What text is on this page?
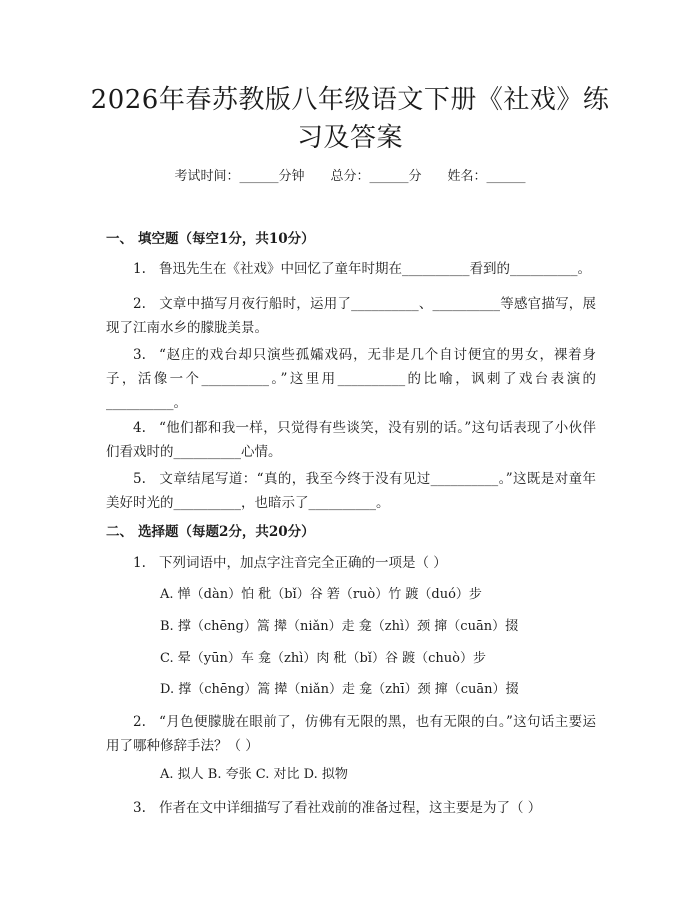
2026年春苏教版八年级语文下册《社戏》练
习及答案
考试时间：______分钟 总分：______分 姓名：______
一、 填空题（每空1分，共10分）
1. 鲁迅先生在《社戏》中回忆了童年时期在__________看到的__________。
2. 文章中描写月夜行船时，运用了__________、__________等感官描写，展现了江南水乡的朦胧美景。
3. “赵庄的戏台却只演些孤孀戏码，无非是几个自讨便宜的男女，裸着身子，活像一个__________。”这里用__________的比喻，讽刺了戏台表演的__________。
4. “他们都和我一样，只觉得有些谈笑，没有别的话。”这句话表现了小伙伴们看戏时的__________心情。
5. 文章结尾写道：“真的，我至今终于没有见过__________。”这既是对童年美好时光的__________，也暗示了__________。
二、 选择题（每题2分，共20分）
1. 下列词语中，加点字注音完全正确的一项是（ ）
A. 惮（dàn）怕 秕（bǐ）谷 箬（ruò）竹 踱（duó）步
B. 撑（chēng）篙 撵（niǎn）走 龛（zhì）颈 撺（cuān）掇
C. 晕（yūn）车 龛（zhì）肉 秕（bǐ）谷 踱（chuò）步
D. 撑（chēng）篙 撵（niǎn）走 龛（zhī）颈 撺（cuān）掇
2. “月色便朦胧在眼前了，仿佛有无限的黑，也有无限的白。”这句话主要运用了哪种修辞手法？（ ）
A. 拟人 B. 夸张 C. 对比 D. 拟物
3. 作者在文中详细描写了看社戏前的准备过程，这主要是为了（ ）
